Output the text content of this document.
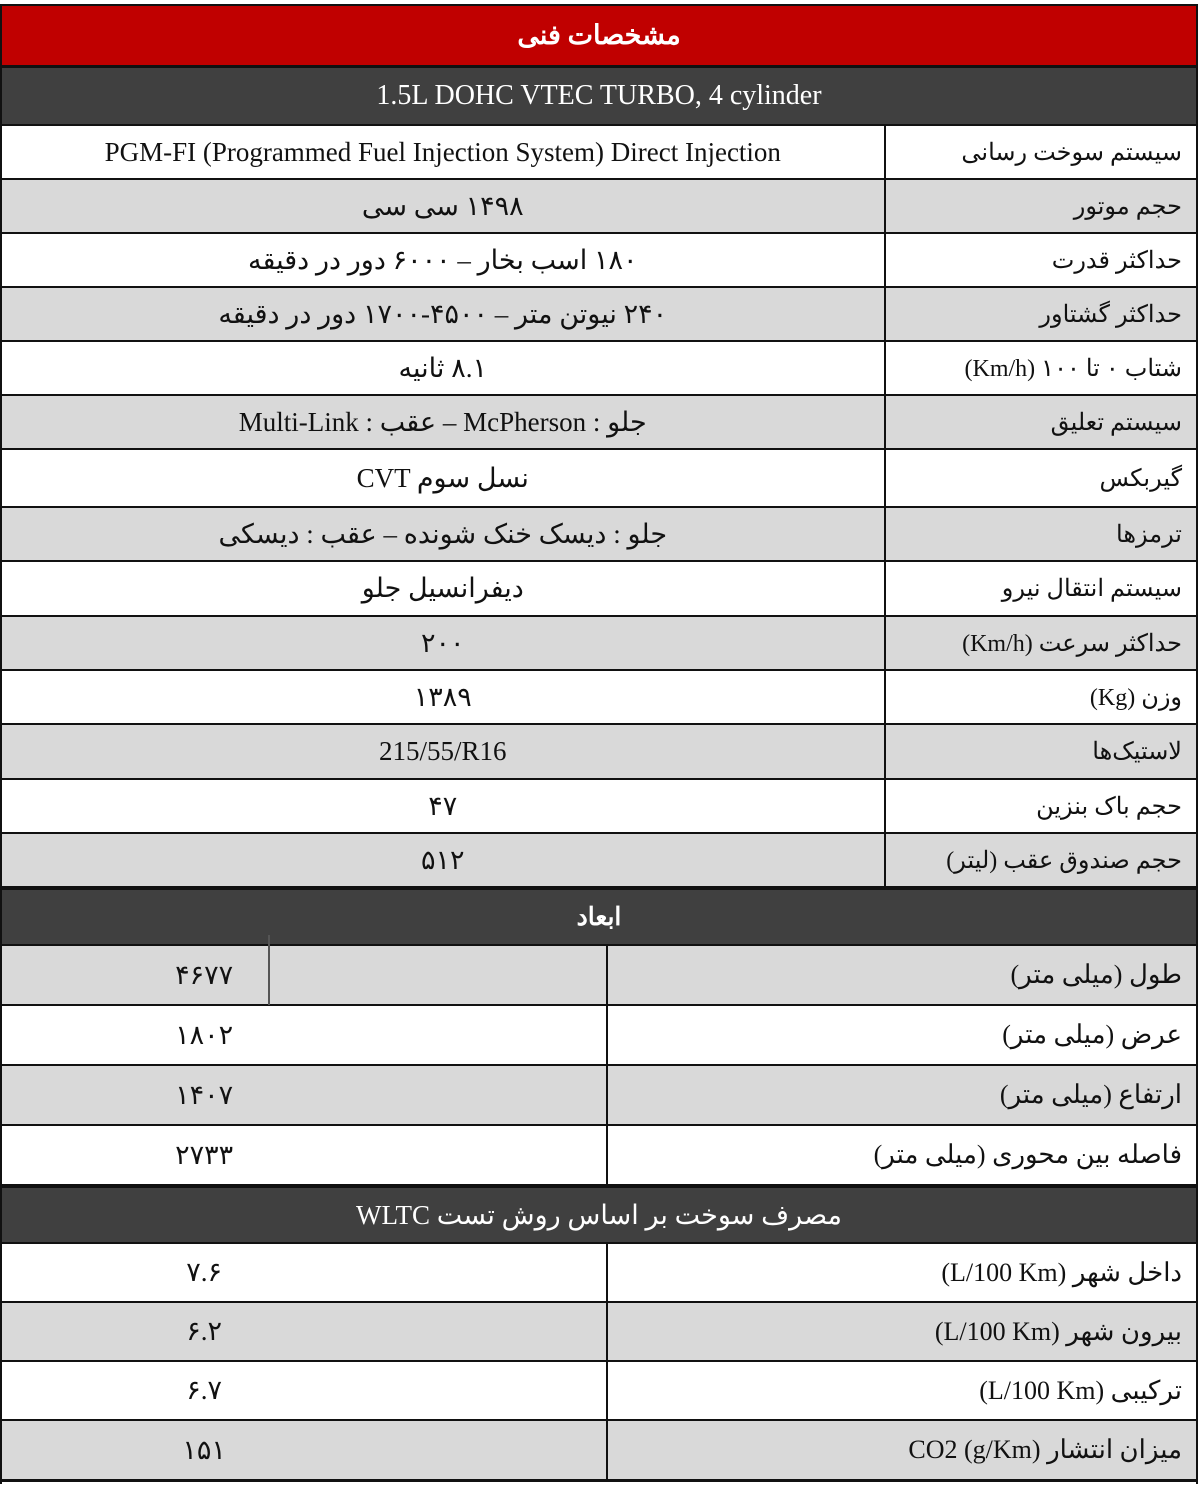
مشخصات فنی
1.5L DOHC VTEC TURBO, 4 cylinder
PGM-FI (Programmed Fuel Injection System) Direct Injection	سیستم سوخت رسانی
۱۴۹۸ سی سی	حجم موتور
۱۸۰ اسب بخار – ۶۰۰۰ دور در دقیقه	حداکثر قدرت
۲۴۰ نیوتن متر – ۴۵۰۰-۱۷۰۰ دور در دقیقه	حداکثر گشتاور
۸.۱ ثانیه	شتاب ۰ تا ۱۰۰ (Km/h)
جلو : McPherson – عقب : Multi-Link	سیستم تعلیق
CVT نسل سوم	گیربکس
جلو : دیسک خنک شونده – عقب : دیسکی	ترمزها
دیفرانسیل جلو	سیستم انتقال نیرو
۲۰۰	حداکثر سرعت (Km/h)
۱۳۸۹	وزن (Kg)
215/55/R16	لاستیک‌ها
۴۷	حجم باک بنزین
۵۱۲	حجم صندوق عقب (لیتر)
ابعاد
۴۶۷۷	طول (میلی متر)
۱۸۰۲	عرض (میلی متر)
۱۴۰۷	ارتفاع (میلی متر)
۲۷۳۳	فاصله بین محوری (میلی متر)
مصرف سوخت بر اساس روش تست WLTC
۷.۶	داخل شهر (L/100 Km)
۶.۲	بیرون شهر (L/100 Km)
۶.۷	ترکیبی (L/100 Km)
۱۵۱	میزان انتشار CO2 (g/Km)
